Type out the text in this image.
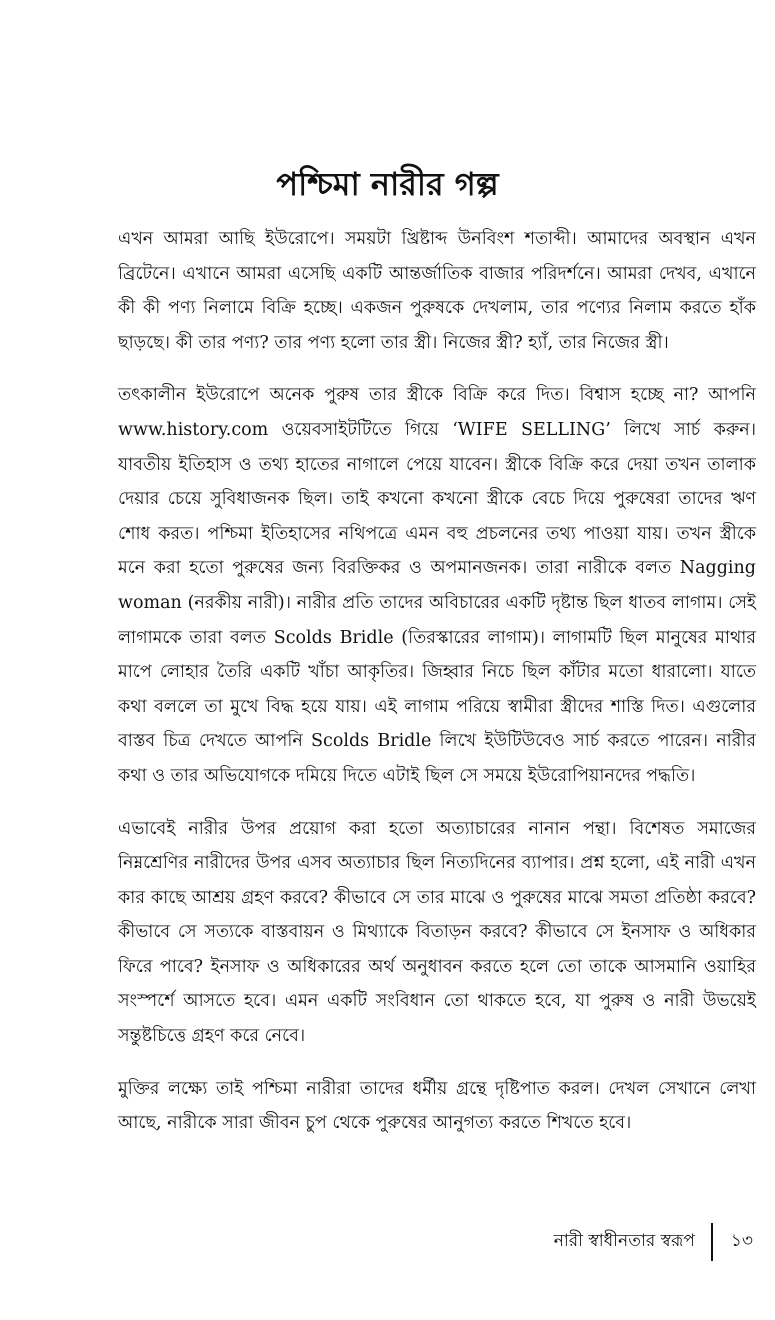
পশ্চিমা নারীর গল্প

এখন আমরা আছি ইউরোপে। সময়টা খ্রিষ্টাব্দ উনবিংশ শতাব্দী। আমাদের অবস্থান এখন ব্রিটেনে। এখানে আমরা এসেছি একটি আন্তর্জাতিক বাজার পরিদর্শনে। আমরা দেখব, এখানে কী কী পণ্য নিলামে বিক্রি হচ্ছে। একজন পুরুষকে দেখলাম, তার পণ্যের নিলাম করতে হাঁক ছাড়ছে। কী তার পণ্য? তার পণ্য হলো তার স্ত্রী। নিজের স্ত্রী? হ্যাঁ, তার নিজের স্ত্রী।

তৎকালীন ইউরোপে অনেক পুরুষ তার স্ত্রীকে বিক্রি করে দিত। বিশ্বাস হচ্ছে না? আপনি www.history.com ওয়েবসাইটটিতে গিয়ে ‘WIFE SELLING’ লিখে সার্চ করুন। যাবতীয় ইতিহাস ও তথ্য হাতের নাগালে পেয়ে যাবেন। স্ত্রীকে বিক্রি করে দেয়া তখন তালাক দেয়ার চেয়ে সুবিধাজনক ছিল। তাই কখনো কখনো স্ত্রীকে বেচে দিয়ে পুরুষেরা তাদের ঋণ শোধ করত। পশ্চিমা ইতিহাসের নথিপত্রে এমন বহু প্রচলনের তথ্য পাওয়া যায়। তখন স্ত্রীকে মনে করা হতো পুরুষের জন্য বিরক্তিকর ও অপমানজনক। তারা নারীকে বলত Nagging woman (নরকীয় নারী)। নারীর প্রতি তাদের অবিচারের একটি দৃষ্টান্ত ছিল ধাতব লাগাম। সেই লাগামকে তারা বলত Scolds Bridle (তিরস্কারের লাগাম)। লাগামটি ছিল মানুষের মাথার মাপে লোহার তৈরি একটি খাঁচা আকৃতির। জিহ্বার নিচে ছিল কাঁটার মতো ধারালো। যাতে কথা বললে তা মুখে বিদ্ধ হয়ে যায়। এই লাগাম পরিয়ে স্বামীরা স্ত্রীদের শাস্তি দিত। এগুলোর বাস্তব চিত্র দেখতে আপনি Scolds Bridle লিখে ইউটিউবেও সার্চ করতে পারেন। নারীর কথা ও তার অভিযোগকে দমিয়ে দিতে এটাই ছিল সে সময়ে ইউরোপিয়ানদের পদ্ধতি।

এভাবেই নারীর উপর প্রয়োগ করা হতো অত্যাচারের নানান পন্থা। বিশেষত সমাজের নিম্নশ্রেণির নারীদের উপর এসব অত্যাচার ছিল নিত্যদিনের ব্যাপার। প্রশ্ন হলো, এই নারী এখন কার কাছে আশ্রয় গ্রহণ করবে? কীভাবে সে তার মাঝে ও পুরুষের মাঝে সমতা প্রতিষ্ঠা করবে? কীভাবে সে সত্যকে বাস্তবায়ন ও মিথ্যাকে বিতাড়ন করবে? কীভাবে সে ইনসাফ ও অধিকার ফিরে পাবে? ইনসাফ ও অধিকারের অর্থ অনুধাবন করতে হলে তো তাকে আসমানি ওয়াহির সংস্পর্শে আসতে হবে। এমন একটি সংবিধান তো থাকতে হবে, যা পুরুষ ও নারী উভয়েই সন্তুষ্টচিত্তে গ্রহণ করে নেবে।

মুক্তির লক্ষ্যে তাই পশ্চিমা নারীরা তাদের ধর্মীয় গ্রন্থে দৃষ্টিপাত করল। দেখল সেখানে লেখা আছে, নারীকে সারা জীবন চুপ থেকে পুরুষের আনুগত্য করতে শিখতে হবে।

নারী স্বাধীনতার স্বরূপ	১৩
